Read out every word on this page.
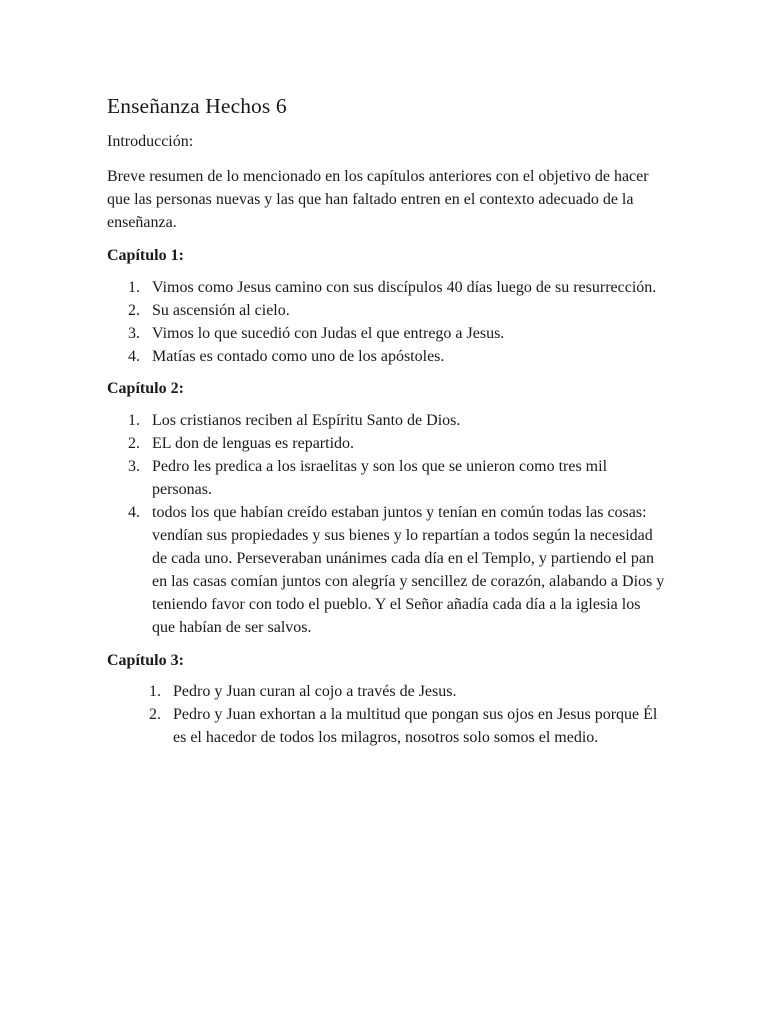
Enseñanza Hechos 6

Introducción:

Breve resumen de lo mencionado en los capítulos anteriores con el objetivo de hacer que las personas nuevas y las que han faltado entren en el contexto adecuado de la enseñanza.

Capítulo 1:

1. Vimos como Jesus camino con sus discípulos 40 días luego de su resurrección.
2. Su ascensión al cielo.
3. Vimos lo que sucedió con Judas el que entrego a Jesus.
4. Matías es contado como uno de los apóstoles.

Capítulo 2:

1. Los cristianos reciben al Espíritu Santo de Dios.
2. EL don de lenguas es repartido.
3. Pedro les predica a los israelitas y son los que se unieron como tres mil personas.
4. todos los que habían creído estaban juntos y tenían en común todas las cosas: vendían sus propiedades y sus bienes y lo repartían a todos según la necesidad de cada uno. Perseveraban unánimes cada día en el Templo, y partiendo el pan en las casas comían juntos con alegría y sencillez de corazón, alabando a Dios y teniendo favor con todo el pueblo. Y el Señor añadía cada día a la iglesia los que habían de ser salvos.

Capítulo 3:

1. Pedro y Juan curan al cojo a través de Jesus.
2. Pedro y Juan exhortan a la multitud que pongan sus ojos en Jesus porque Él es el hacedor de todos los milagros, nosotros solo somos el medio.
